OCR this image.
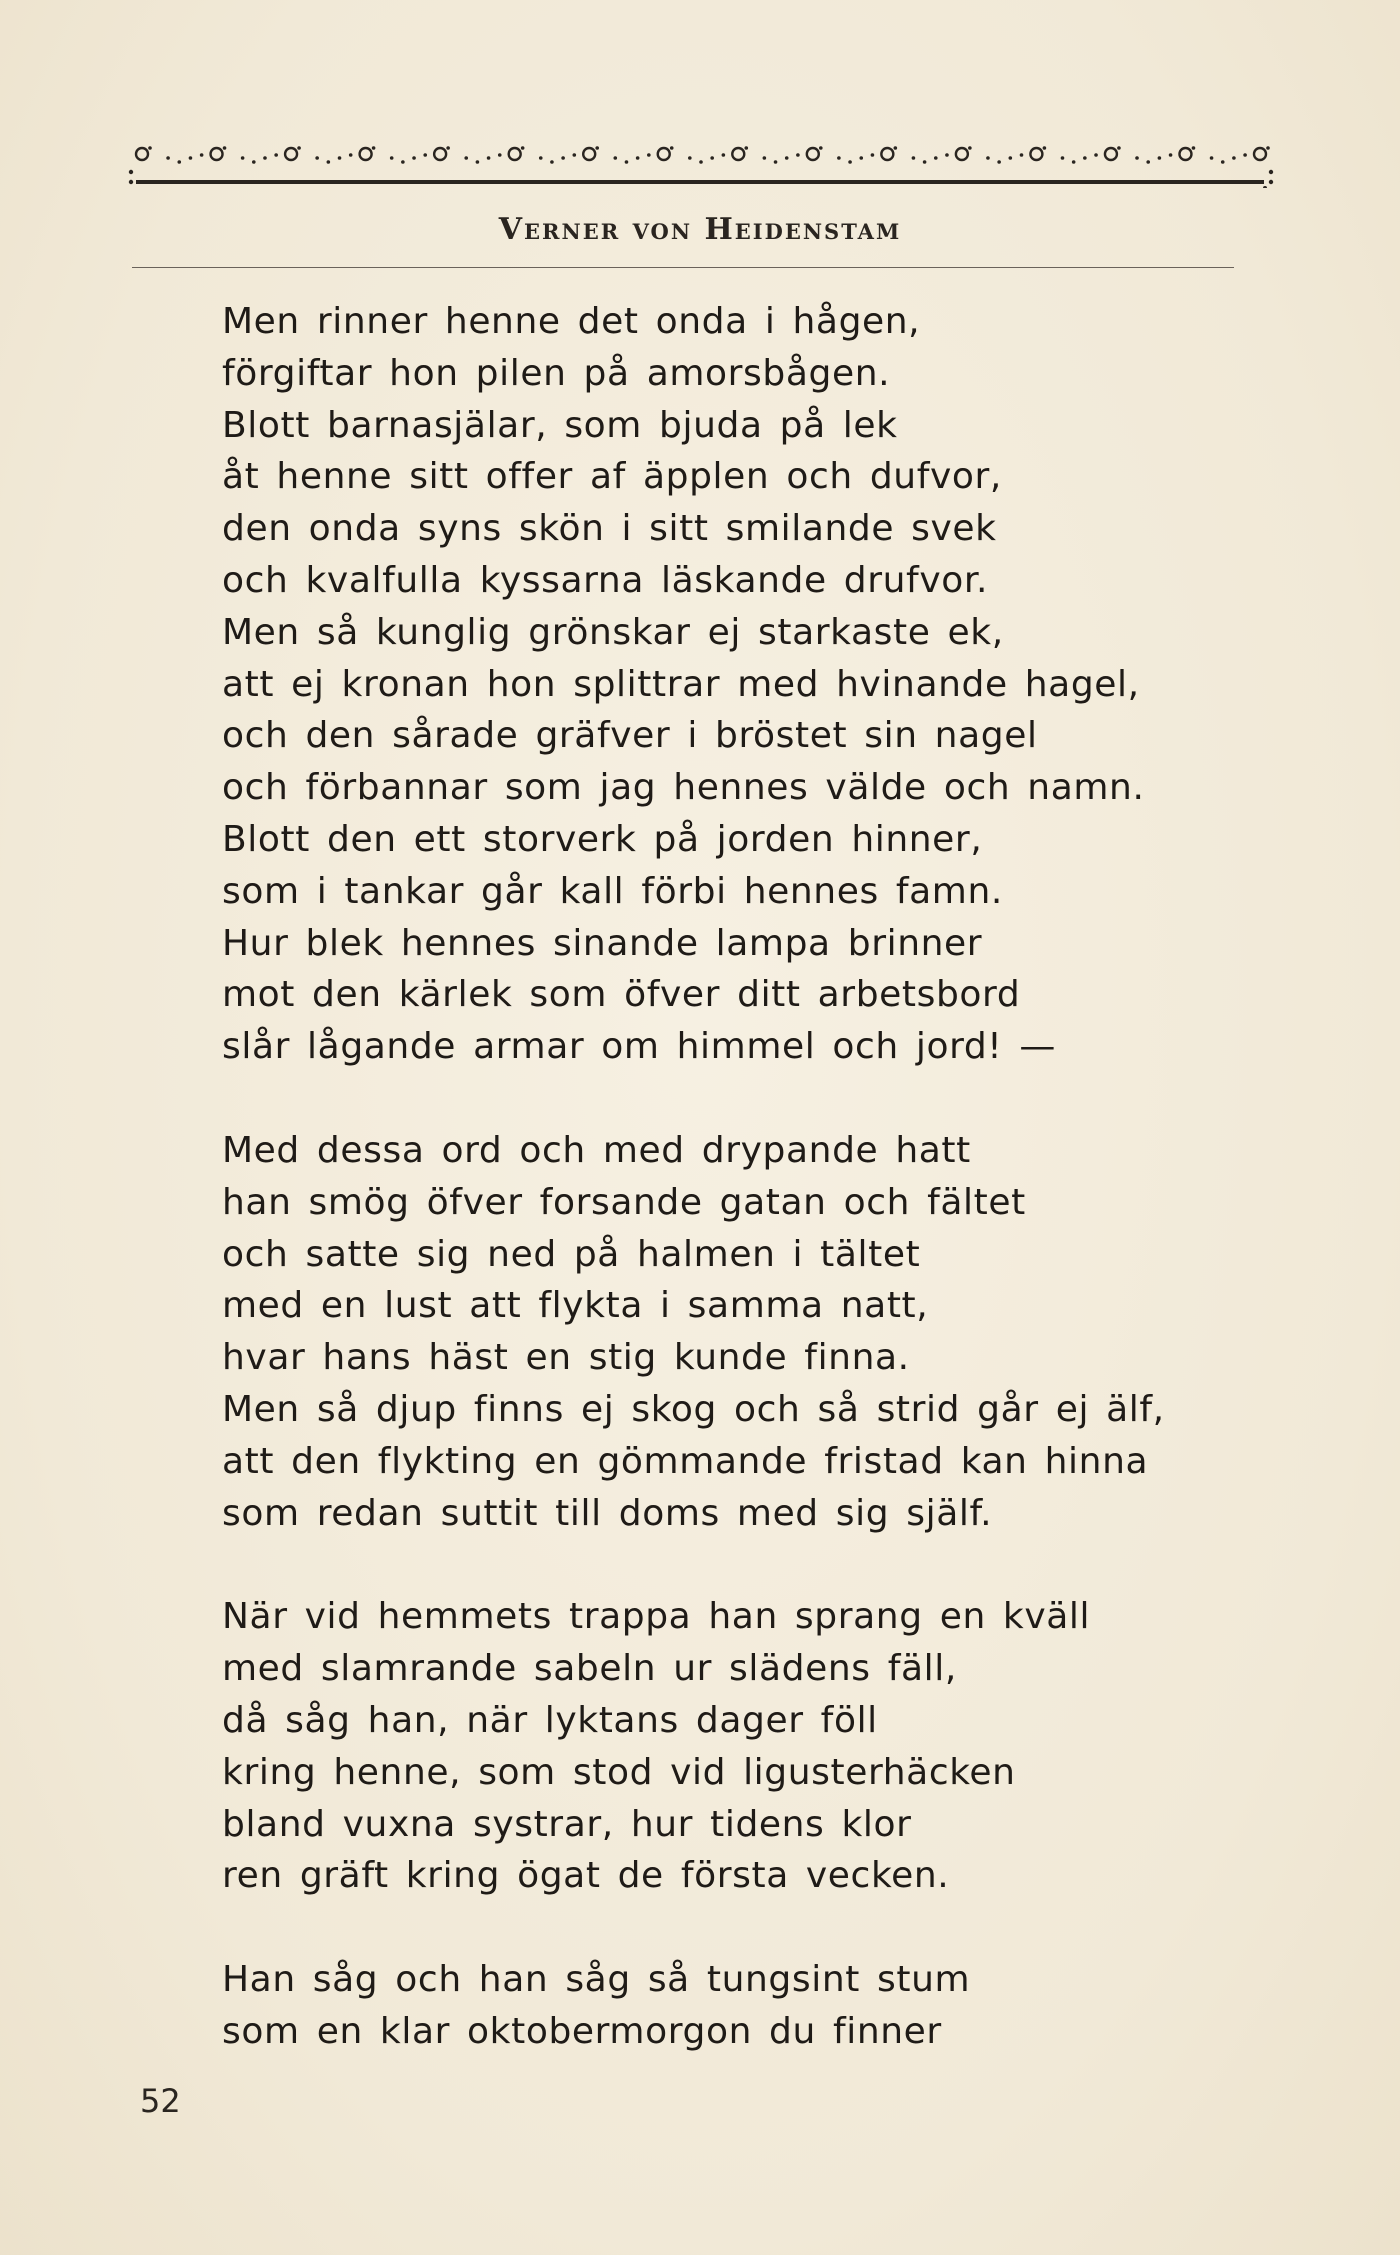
Verner von Heidenstam

Men rinner henne det onda i hågen,

förgiftar hon pilen på amorsbågen.

Blott barnasjälar, som bjuda på lek

åt henne sitt offer af äpplen och dufvor,

den onda syns skön i sitt smilande svek

och kvalfulla kyssarna läskande drufvor.

Men så kunglig grönskar ej starkaste ek,

att ej kronan hon splittrar med hvinande hagel,

och den sårade gräfver i bröstet sin nagel

och förbannar som jag hennes välde och namn.

Blott den ett storverk på jorden hinner,

som i tankar går kall förbi hennes famn.

Hur blek hennes sinande lampa brinner

mot den kärlek som öfver ditt arbetsbord

slår lågande armar om himmel och jord! —

Med dessa ord och med drypande hatt

han smög öfver forsande gatan och fältet

och satte sig ned på halmen i tältet

med en lust att flykta i samma natt,

hvar hans häst en stig kunde finna.

Men så djup finns ej skog och så strid går ej älf,

att den flykting en gömmande fristad kan hinna

som redan suttit till doms med sig själf.

När vid hemmets trappa han sprang en kväll

med slamrande sabeln ur slädens fäll,

då såg han, när lyktans dager föll

kring henne, som stod vid ligusterhäcken

bland vuxna systrar, hur tidens klor

ren gräft kring ögat de första vecken.

Han såg och han såg så tungsint stum

som en klar oktobermorgon du finner

52
